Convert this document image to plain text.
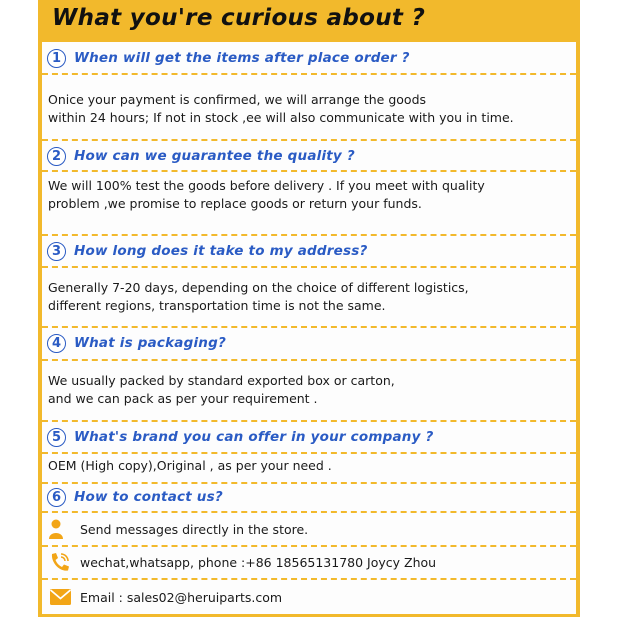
What you're curious about ?
1 When will get the items after place order ?
Onice your payment is confirmed, we will arrange the goods
within 24 hours; If not in stock ,ee will also communicate with you in time.
2 How can we guarantee the quality ?
We will 100% test the goods before delivery . If you meet with quality
problem ,we promise to replace goods or return your funds.
3 How long does it take to my address?
Generally 7-20 days, depending on the choice of different logistics,
different regions, transportation time is not the same.
4 What is packaging?
We usually packed by standard exported box or carton,
and we can pack as per your requirement .
5 What's brand you can offer in your company ?
OEM (High copy),Original , as per your need .
6 How to contact us?
Send messages directly in the store.
wechat,whatsapp, phone :+86 18565131780 Joycy Zhou
Email : sales02@heruiparts.com
